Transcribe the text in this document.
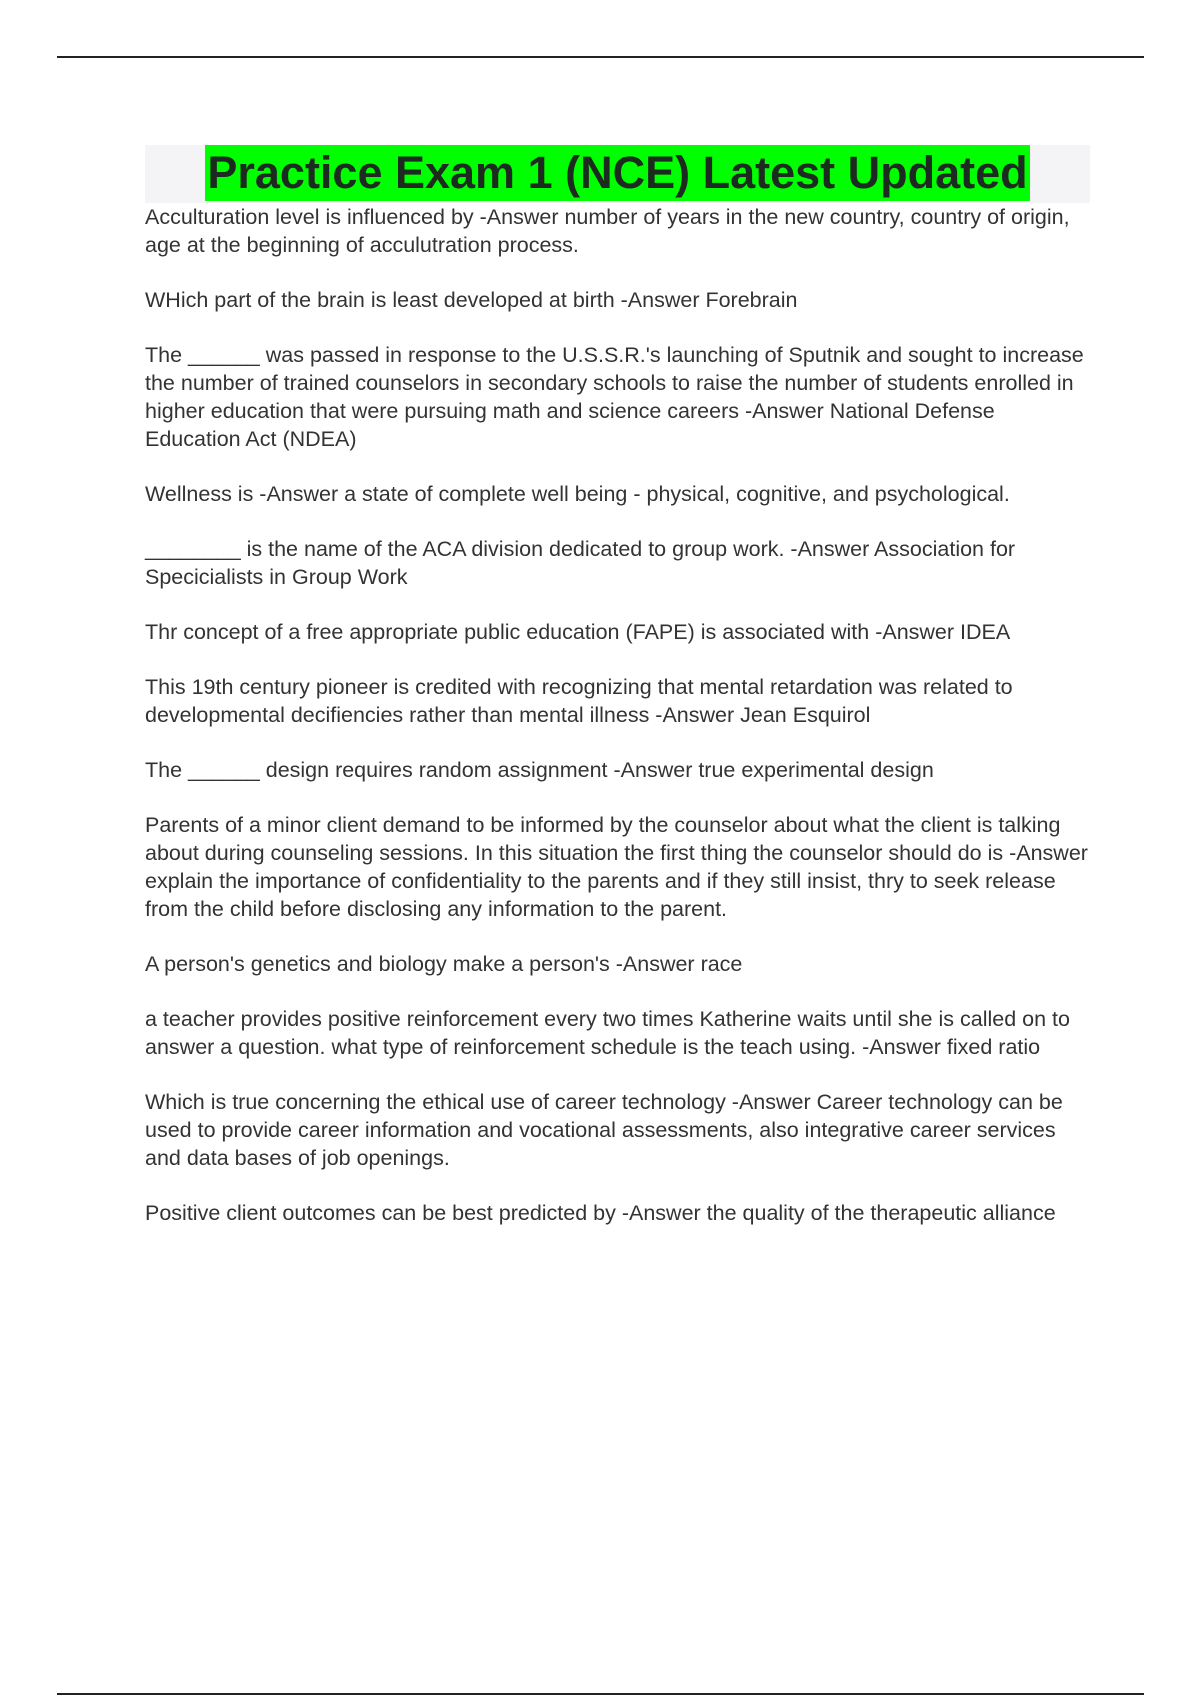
Practice Exam 1 (NCE) Latest Updated

Acculturation level is influenced by -Answer number of years in the new country, country of origin, age at the beginning of acculutration process.

WHich part of the brain is least developed at birth -Answer Forebrain

The ______ was passed in response to the U.S.S.R.'s launching of Sputnik and sought to increase the number of trained counselors in secondary schools to raise the number of students enrolled in higher education that were pursuing math and science careers -Answer National Defense Education Act (NDEA)

Wellness is -Answer a state of complete well being - physical, cognitive, and psychological.

________ is the name of the ACA division dedicated to group work. -Answer Association for Specicialists in Group Work

Thr concept of a free appropriate public education (FAPE) is associated with -Answer IDEA

This 19th century pioneer is credited with recognizing that mental retardation was related to developmental decifiencies rather than mental illness -Answer Jean Esquirol

The ______ design requires random assignment -Answer true experimental design

Parents of a minor client demand to be informed by the counselor about what the client is talking about during counseling sessions. In this situation the first thing the counselor should do is -Answer explain the importance of confidentiality to the parents and if they still insist, thry to seek release from the child before disclosing any information to the parent.

A person's genetics and biology make a person's -Answer race

a teacher provides positive reinforcement every two times Katherine waits until she is called on to answer a question. what type of reinforcement schedule is the teach using. -Answer fixed ratio

Which is true concerning the ethical use of career technology -Answer Career technology can be used to provide career information and vocational assessments, also integrative career services and data bases of job openings.

Positive client outcomes can be best predicted by -Answer the quality of the therapeutic alliance
